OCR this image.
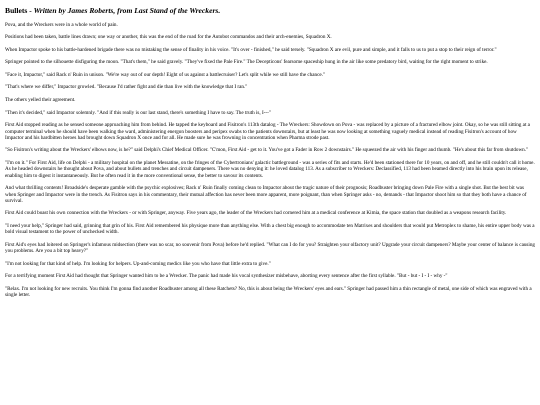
Bullets - Written by James Roberts, from Last Stand of the Wreckers.
Pova, and the Wreckers were in a whole world of pain.
Positions had been taken, battle lines drawn; one way or another, this was the end of the road for the Autobot commandos and their arch-enemies, Squadron X.
When Impactor spoke to his battle-hardened brigade there was no mistaking the sense of finality in his voice. "It's over - finished," he said tersely. "Squadron X are evil, pure and simple, and it falls to us to put a stop to their reign of terror."
Springer pointed to the silhouette disfiguring the moon. "That's them," he said gravely. "They've fixed the Pale Fire." The Decepticons' fearsome spaceship hung in the air like some predatory bird, waiting for the right moment to strike.
"Face it, Impactor," said Rack n' Ruin in unison. "We're way out of our depth! Eight of us against a battlecruiser? Let's split while we still have the chance."
"That's where we differ," Impactor growled. "Because I'd rather fight and die than live with the knowledge that I ran."
The others yelled their agreement.
"Then it's decided," said Impactor solemnly. "And if this really is our last stand, there's something I have to say. The truth is, I---"
First Aid stopped reading as he sensed someone approaching him from behind. He tapped the keyboard and Fisitron's 113th datalog - The Wreckers: Showdown on Pova - was replaced by a picture of a fractured elbow joint. Okay, so he was still sitting at a computer terminal when he should have been walking the ward, administering energon boosters and peripex swabs to the patients downstairs, but at least he was now looking at something vaguely medical instead of reading Fisitron's account of how Impactor and his hardbitten heroes had brought down Squadron X once and for all. He made sure he was frowning in concentration when Pharma strode past.
"So Fisitron's writing about the Wreckers' elbows now, is he?" said Delphi's Chief Medical Officer. "C'mon, First Aid - get to it. You've got a Fader in Row 2 downstairs." He squeezed the air with his finger and thumb. "He's about this far from shutdown."
"I'm on it." For First Aid, life on Delphi - a military hospital on the planet Messatine, on the fringes of the Cybertronians' galactic battleground - was a series of fits and starts. He'd been stationed there for 10 years, on and off, and he still couldn't call it home. As he headed downstairs he thought about Pova, and about bullets and trenches and circuit dampeners. There was no denying it: he loved datalog 113. As a subscriber to Wreckers: Declassified, 113 had been beamed directly into his brain upon its release, enabling him to digest it instantaneously. But he often read it in the more conventional sense, the better to savour its contents.
And what thrilling contents! Broadside's desperate gamble with the psychic explosives; Rack n' Ruin finally coming clean to Impactor about the tragic nature of their prognosis; Roadbuster bringing down Pale Fire with a single shot. But the best bit was when Springer and Impactor were in the trench. As Fisitron says in his commentary, their mutual affection has never been more apparent, more poignant, than when Springer asks - no, demands - that Impactor shoot him so that they both have a chance of survival.
First Aid could boast his own connection with the Wreckers - or with Springer, anyway. Five years ago, the leader of the Wreckers had cornered him at a medical conference at Kimia, the space station that doubled as a weapons research facility.
"I need your help," Springer had said, grinning that grin of his. First Aid remembered his physique more than anything else. With a chest big enough to accommodate ten Matrixes and shoulders that would put Metroplex to shame, his entire upper body was a bold visual testament to the power of unchecked width.
First Aid's eyes had loitered on Springer's infamous midsection (there was no scar, no souvenir from Pova) before he'd replied. "What can I do for you? Straighten your olfactory unit? Upgrade your circuit dampeners? Maybe your center of balance is causing you problems. Are you a bit top heavy?"
"I'm not looking for that kind of help. I'm looking for helpers. Up-and-coming medics like you who have that little extra to give."
For a terrifying moment First Aid had thought that Springer wanted him to be a Wrecker. The panic had made his vocal synthesizer misbehave, aborting every sentence after the first syllable. "But - but - I - I - why -"
"Relax. I'm not looking for new recruits. You think I'm gonna find another Roadbuster among all these Ratchets? No, this is about being the Wreckers' eyes and ears." Springer had passed him a thin rectangle of metal, one side of which was engraved with a single letter.
